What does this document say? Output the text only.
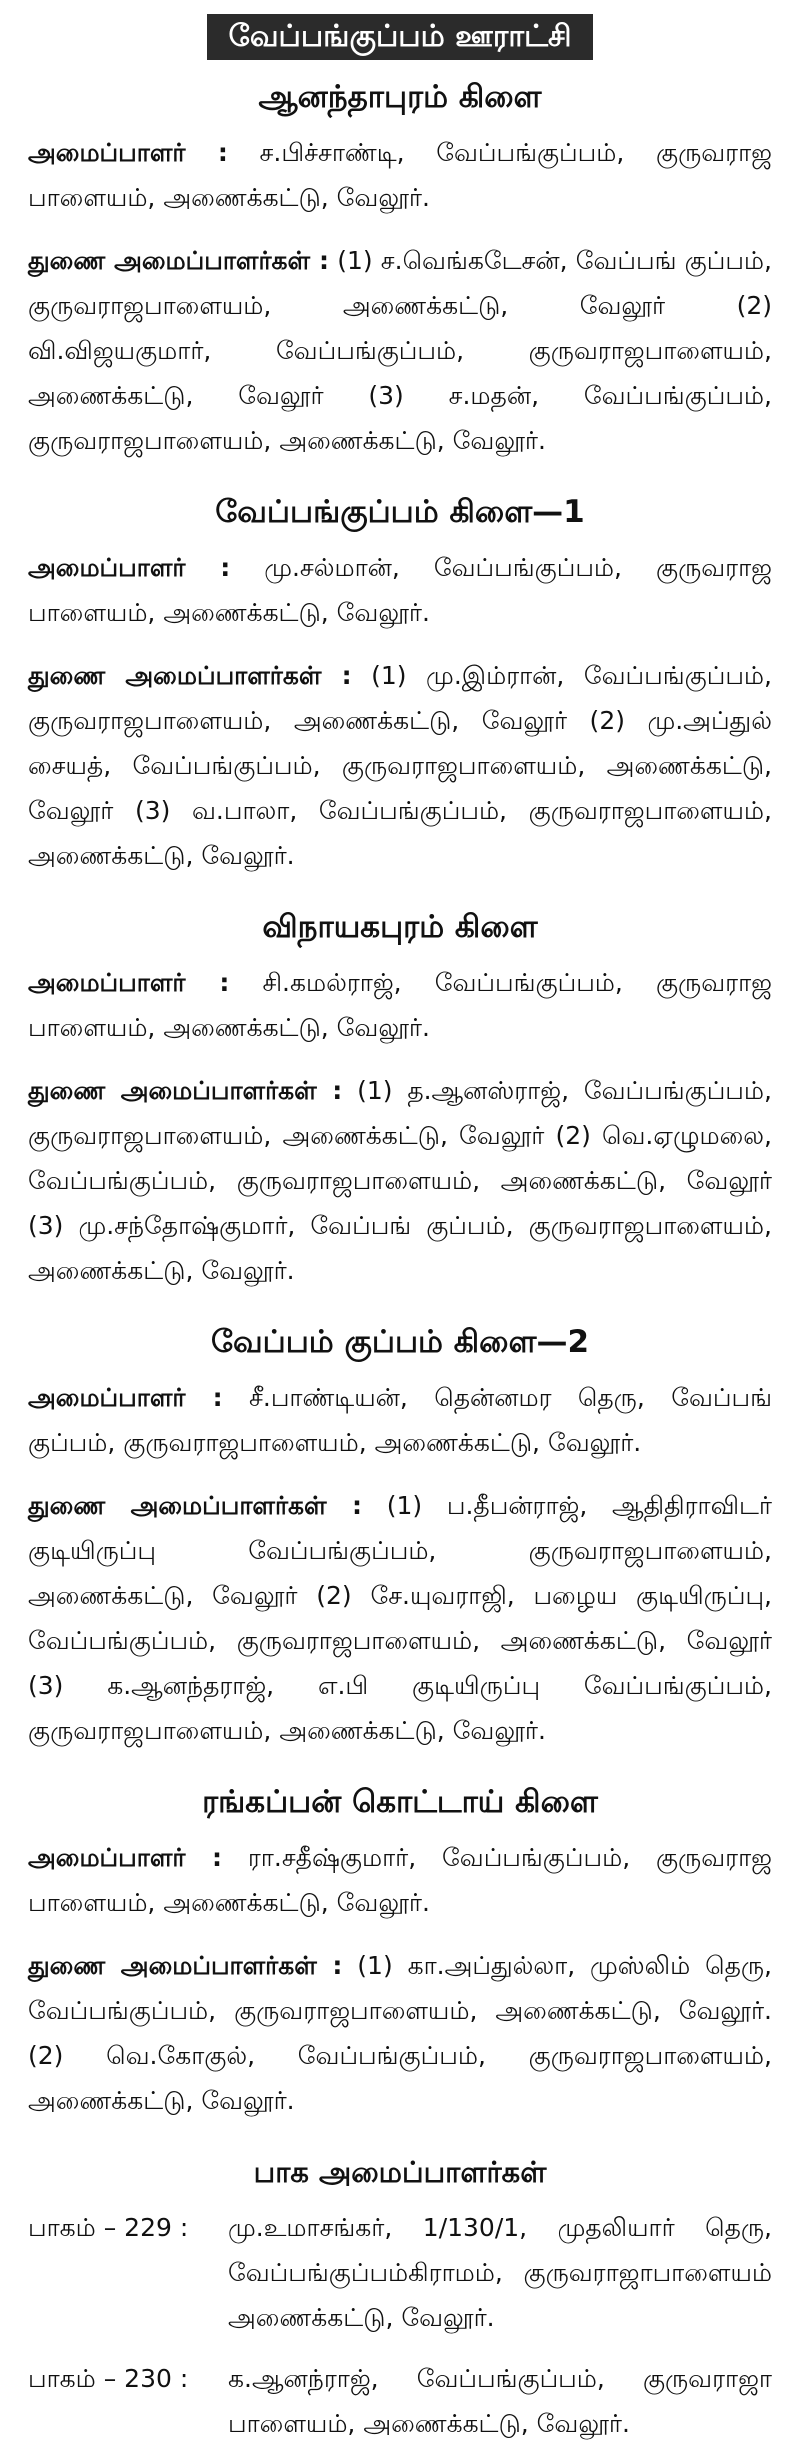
வேப்பங்குப்பம் ஊராட்சி
ஆனந்தாபுரம் கிளை

அமைப்பாளர் : ச.பிச்சாண்டி, வேப்பங்குப்பம், குருவராஜ பாளையம், அணைக்கட்டு, வேலூர்.

துணை அமைப்பாளர்கள் : (1) ச.வெங்கடேசன், வேப்பங் குப்பம், குருவராஜபாளையம், அணைக்கட்டு, வேலூர் (2) வி.விஜயகுமார், வேப்பங்குப்பம், குருவராஜபாளையம், அணைக்கட்டு, வேலூர் (3) ச.மதன், வேப்பங்குப்பம், குருவராஜபாளையம், அணைக்கட்டு, வேலூர்.

வேப்பங்குப்பம் கிளை—1

அமைப்பாளர் : மு.சல்மான், வேப்பங்குப்பம், குருவராஜ பாளையம், அணைக்கட்டு, வேலூர்.

துணை அமைப்பாளர்கள் : (1) மு.இம்ரான், வேப்பங்குப்பம், குருவராஜபாளையம், அணைக்கட்டு, வேலூர் (2) மு.அப்துல் சையத், வேப்பங்குப்பம், குருவராஜபாளையம், அணைக்கட்டு, வேலூர் (3) வ.பாலா, வேப்பங்குப்பம், குருவராஜபாளையம், அணைக்கட்டு, வேலூர்.

விநாயகபுரம் கிளை

அமைப்பாளர் : சி.கமல்ராஜ், வேப்பங்குப்பம், குருவராஜ பாளையம், அணைக்கட்டு, வேலூர்.

துணை அமைப்பாளர்கள் : (1) த.ஆனஸ்ராஜ், வேப்பங்குப்பம், குருவராஜபாளையம், அணைக்கட்டு, வேலூர் (2) வெ.ஏழுமலை, வேப்பங்குப்பம், குருவராஜபாளையம், அணைக்கட்டு, வேலூர் (3) மு.சந்தோஷ்குமார், வேப்பங் குப்பம், குருவராஜபாளையம், அணைக்கட்டு, வேலூர்.

வேப்பம் குப்பம் கிளை—2

அமைப்பாளர் : சீ.பாண்டியன், தென்னமர தெரு, வேப்பங் குப்பம், குருவராஜபாளையம், அணைக்கட்டு, வேலூர்.

துணை அமைப்பாளர்கள் : (1) ப.தீபன்ராஜ், ஆதிதிராவிடர் குடியிருப்பு வேப்பங்குப்பம், குருவராஜபாளையம், அணைக்கட்டு, வேலூர் (2) சே.யுவராஜி, பழைய குடியிருப்பு, வேப்பங்குப்பம், குருவராஜபாளையம், அணைக்கட்டு, வேலூர் (3) க.ஆனந்தராஜ், எ.பி குடியிருப்பு வேப்பங்குப்பம், குருவராஜபாளையம், அணைக்கட்டு, வேலூர்.

ரங்கப்பன் கொட்டாய் கிளை

அமைப்பாளர் : ரா.சதீஷ்குமார், வேப்பங்குப்பம், குருவராஜ பாளையம், அணைக்கட்டு, வேலூர்.

துணை அமைப்பாளர்கள் : (1) கா.அப்துல்லா, முஸ்லிம் தெரு, வேப்பங்குப்பம், குருவராஜபாளையம், அணைக்கட்டு, வேலூர். (2) வெ.கோகுல், வேப்பங்குப்பம், குருவராஜபாளையம், அணைக்கட்டு, வேலூர்.

பாக அமைப்பாளர்கள்
பாகம் – 229 :	மு.உமாசங்கர், 1/130/1, முதலியார் தெரு, வேப்பங்குப்பம்கிராமம், குருவராஜாபாளையம் அணைக்கட்டு, வேலூர்.
பாகம் – 230 :	க.ஆனந்ராஜ், வேப்பங்குப்பம், குருவராஜா பாளையம், அணைக்கட்டு, வேலூர்.
